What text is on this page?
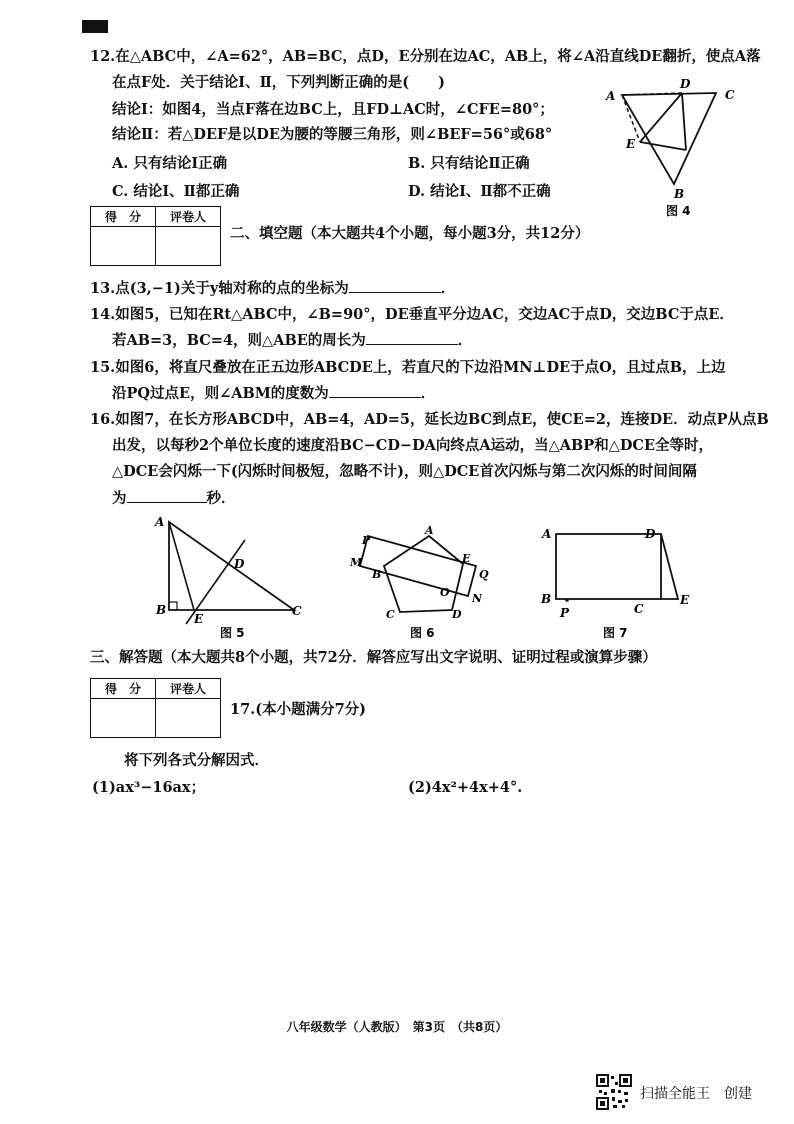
12.在△ABC中，∠A=62°，AB=BC，点D，E分别在边AC，AB上，将∠A沿直线DE翻折，使点A落
在点F处．关于结论Ⅰ、Ⅱ，下列判断正确的是(　　)
结论Ⅰ：如图4，当点F落在边BC上，且FD⊥AC时，∠CFE=80°；
结论Ⅱ：若△DEF是以DE为腰的等腰三角形，则∠BEF=56°或68°
A. 只有结论Ⅰ正确	B. 只有结论Ⅱ正确
C. 结论Ⅰ、Ⅱ都正确	D. 结论Ⅰ、Ⅱ都不正确
A
D
C
E
B
图 4
得　分	评卷人

二、填空题（本大题共4个小题，每小题3分，共12分）
13.点(3,−1)关于y轴对称的点的坐标为	．
14.如图5，已知在Rt△ABC中，∠B=90°，DE垂直平分边AC，交边AC于点D，交边BC于点E．
若AB=3，BC=4，则△ABE的周长为	．
15.如图6，将直尺叠放在正五边形ABCDE上，若直尺的下边沿MN⊥DE于点O，且过点B，上边
沿PQ过点E，则∠ABM的度数为	．
16.如图7，在长方形ABCD中，AB=4，AD=5，延长边BC到点E，使CE=2，连接DE．动点P从点B
出发，以每秒2个单位长度的速度沿BC−CD−DA向终点A运动，当△ABP和△DCE全等时，
△DCE会闪烁一下(闪烁时间极短，忽略不计)，则△DCE首次闪烁与第二次闪烁的时间间隔
为	秒．
A
D
B
E
C
图 5
P
A
M	E
B	Q
O N
C	D
图 6
A	D
B
P	C
E
图 7
三、解答题（本大题共8个小题，共72分．解答应写出文字说明、证明过程或演算步骤）
得　分	评卷人

17.(本小题满分7分)
将下列各式分解因式．
(1)ax³−16ax；	(2)4x²+4x+4°.
八年级数学（人教版）　第3页　（共8页）
扫描全能王　创建
